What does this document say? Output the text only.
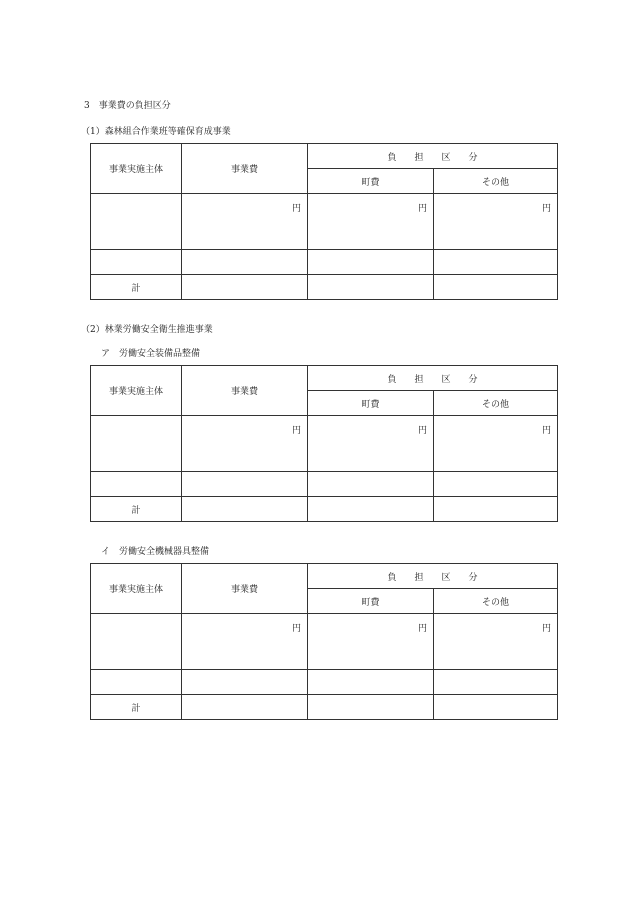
3　事業費の負担区分
（1）森林組合作業班等確保育成事業
事業実施主体	事業費	負担区分	
		町費	その他
	円	円	円

計			
（2）林業労働安全衛生推進事業
ア　労働安全装備品整備
事業実施主体	事業費	負担区分	
		町費	その他
	円	円	円

計			
イ　労働安全機械器具整備
事業実施主体	事業費	負担区分	
		町費	その他
	円	円	円

計			
